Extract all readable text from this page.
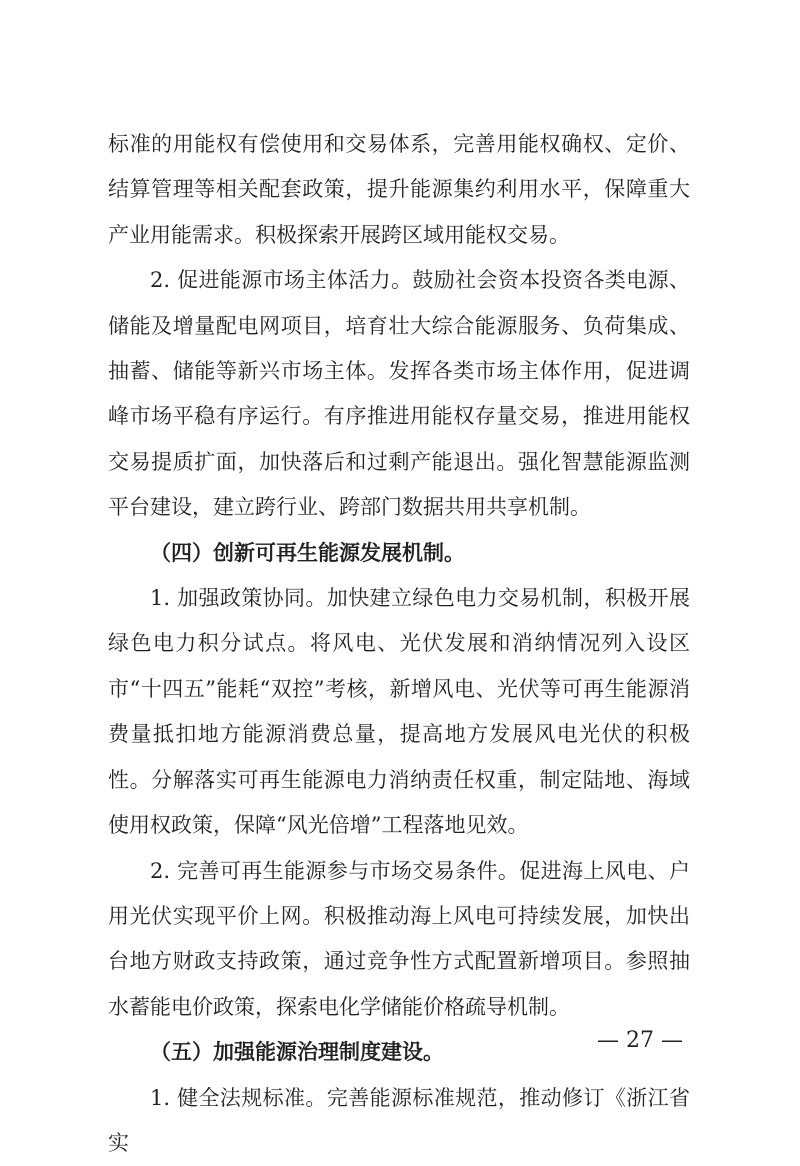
标准的用能权有偿使用和交易体系，完善用能权确权、定价、结算管理等相关配套政策，提升能源集约利用水平，保障重大产业用能需求。积极探索开展跨区域用能权交易。

2. 促进能源市场主体活力。鼓励社会资本投资各类电源、储能及增量配电网项目，培育壮大综合能源服务、负荷集成、抽蓄、储能等新兴市场主体。发挥各类市场主体作用，促进调峰市场平稳有序运行。有序推进用能权存量交易，推进用能权交易提质扩面，加快落后和过剩产能退出。强化智慧能源监测平台建设，建立跨行业、跨部门数据共用共享机制。

（四）创新可再生能源发展机制。

1. 加强政策协同。加快建立绿色电力交易机制，积极开展绿色电力积分试点。将风电、光伏发展和消纳情况列入设区市“十四五”能耗“双控”考核，新增风电、光伏等可再生能源消费量抵扣地方能源消费总量，提高地方发展风电光伏的积极性。分解落实可再生能源电力消纳责任权重，制定陆地、海域使用权政策，保障“风光倍增”工程落地见效。

2. 完善可再生能源参与市场交易条件。促进海上风电、户用光伏实现平价上网。积极推动海上风电可持续发展，加快出台地方财政支持政策，通过竞争性方式配置新增项目。参照抽水蓄能电价政策，探索电化学储能价格疏导机制。

（五）加强能源治理制度建设。

1. 健全法规标准。完善能源标准规范，推动修订《浙江省实

— 27 —
